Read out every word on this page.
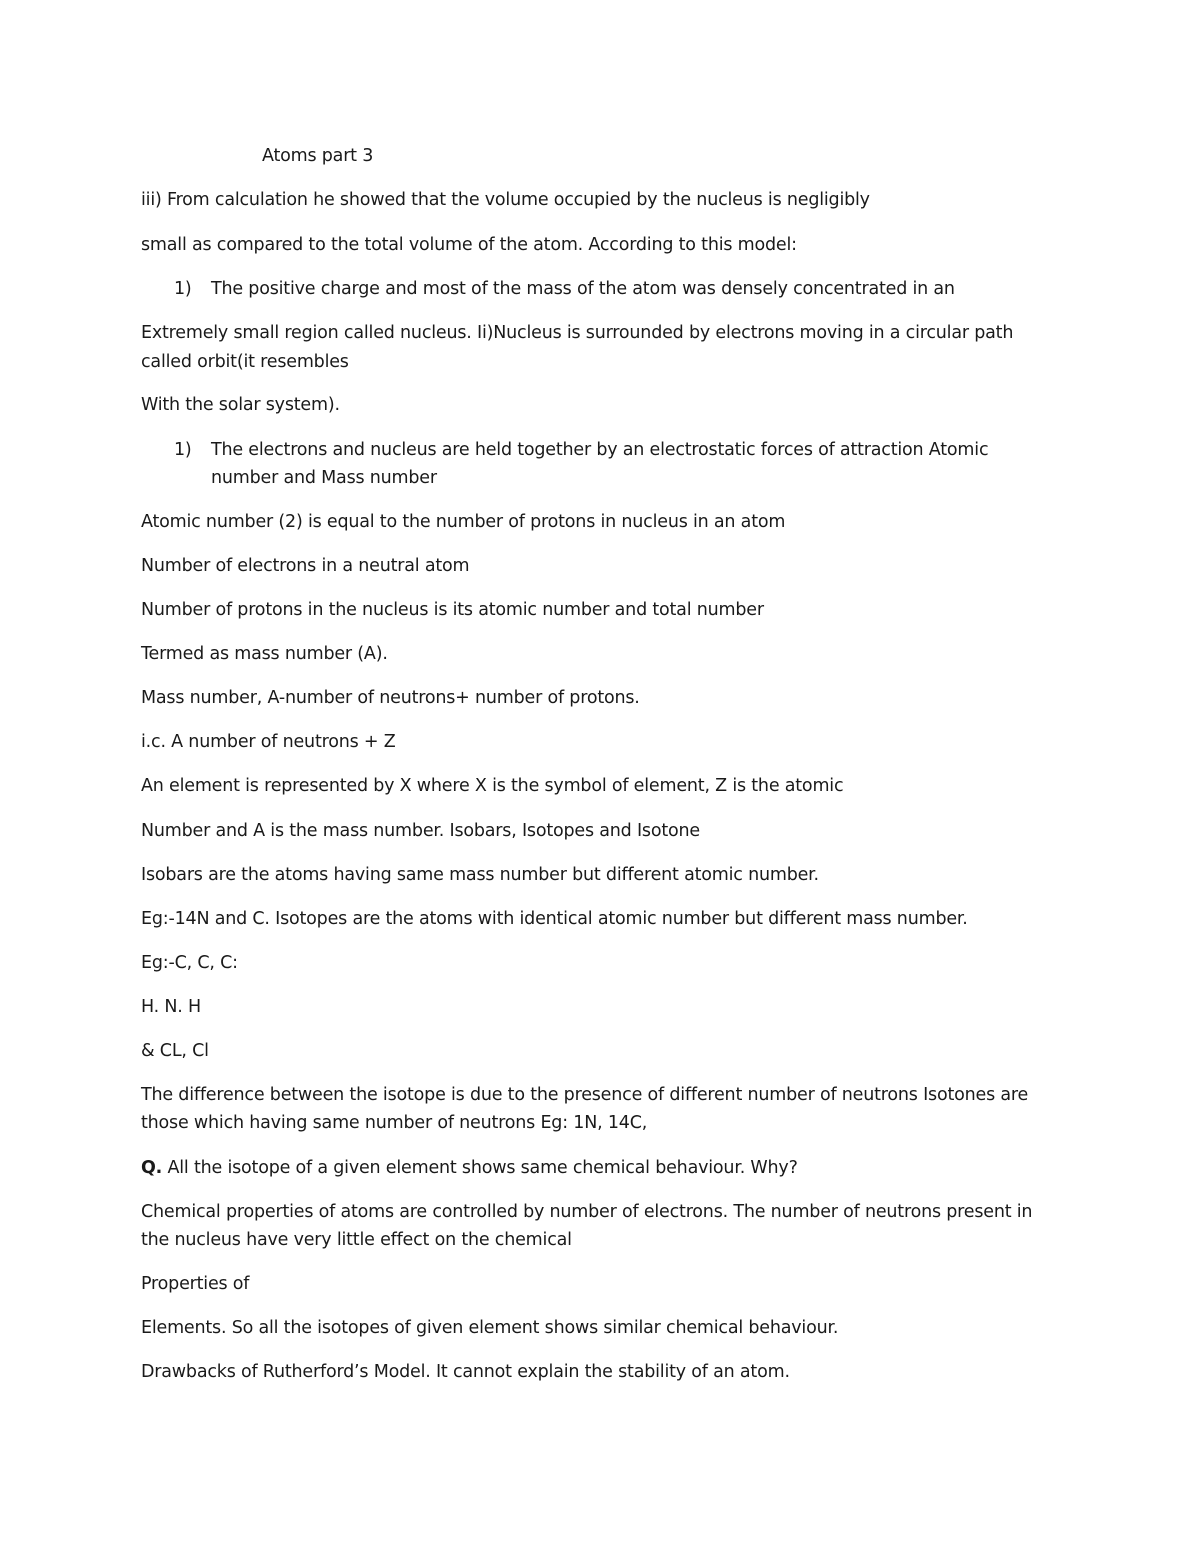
Atoms part 3
iii) From calculation he showed that the volume occupied by the nucleus is negligibly
small as compared to the total volume of the atom. According to this model:
1) The positive charge and most of the mass of the atom was densely concentrated in an
Extremely small region called nucleus. Ii)Nucleus is surrounded by electrons moving in a circular path
called orbit(it resembles
With the solar system).
1) The electrons and nucleus are held together by an electrostatic forces of attraction Atomic
number and Mass number
Atomic number (2) is equal to the number of protons in nucleus in an atom
Number of electrons in a neutral atom
Number of protons in the nucleus is its atomic number and total number
Termed as mass number (A).
Mass number, A-number of neutrons+ number of protons.
i.c. A number of neutrons + Z
An element is represented by X where X is the symbol of element, Z is the atomic
Number and A is the mass number. Isobars, Isotopes and Isotone
Isobars are the atoms having same mass number but different atomic number.
Eg:-14N and C. Isotopes are the atoms with identical atomic number but different mass number.
Eg:-C, C, C:
H. N. H
& CL, Cl
The difference between the isotope is due to the presence of different number of neutrons Isotones are
those which having same number of neutrons Eg: 1N, 14C,
Q. All the isotope of a given element shows same chemical behaviour. Why?
Chemical properties of atoms are controlled by number of electrons. The number of neutrons present in
the nucleus have very little effect on the chemical
Properties of
Elements. So all the isotopes of given element shows similar chemical behaviour.
Drawbacks of Rutherford’s Model. It cannot explain the stability of an atom.
